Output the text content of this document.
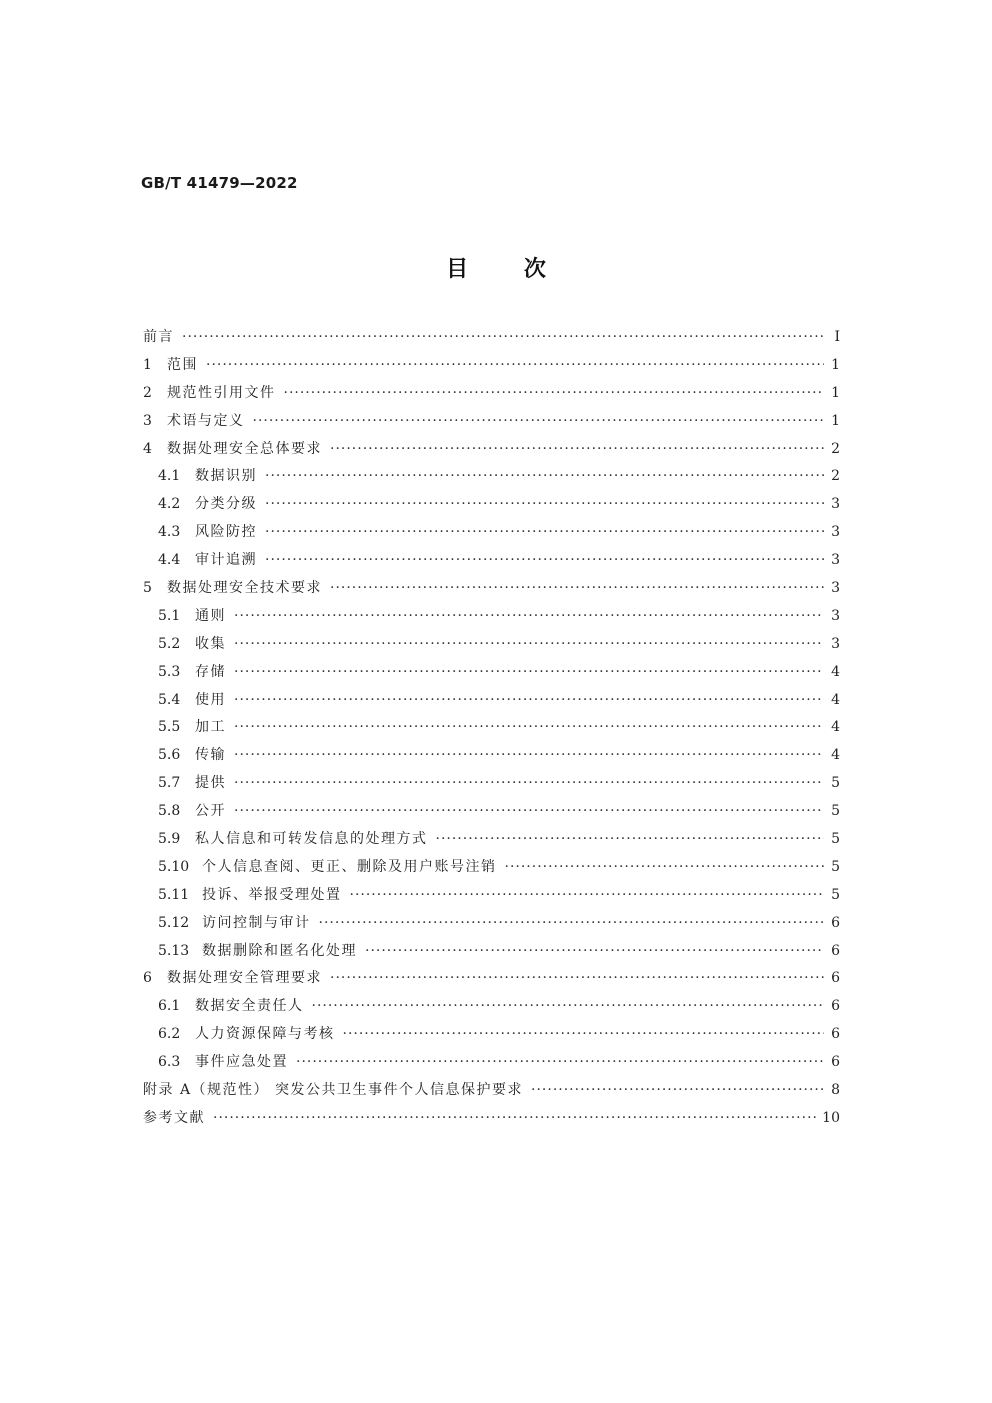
GB/T 41479—2022
目 次
前言 ·····	Ⅰ
1	范围 ·····	1
2	规范性引用文件 ·····	1
3	术语与定义 ·····	1
4	数据处理安全总体要求 ·····	2
4.1	数据识别 ·····	2
4.2	分类分级 ·····	3
4.3	风险防控 ·····	3
4.4	审计追溯 ·····	3
5	数据处理安全技术要求 ·····	3
5.1	通则 ·····	3
5.2	收集 ·····	3
5.3	存储 ·····	4
5.4	使用 ·····	4
5.5	加工 ·····	4
5.6	传输 ·····	4
5.7	提供 ·····	5
5.8	公开 ·····	5
5.9	私人信息和可转发信息的处理方式 ·····	5
5.10 个人信息查阅、更正、删除及用户账号注销 ·····	5
5.11 投诉、举报受理处置 ·····	5
5.12 访问控制与审计 ·····	6
5.13 数据删除和匿名化处理 ·····	6
6	数据处理安全管理要求 ·····	6
6.1	数据安全责任人 ·····	6
6.2	人力资源保障与考核 ·····	6
6.3	事件应急处置 ·····	6
附录 A（规范性） 突发公共卫生事件个人信息保护要求 ·····	8
参考文献 ·····	10
